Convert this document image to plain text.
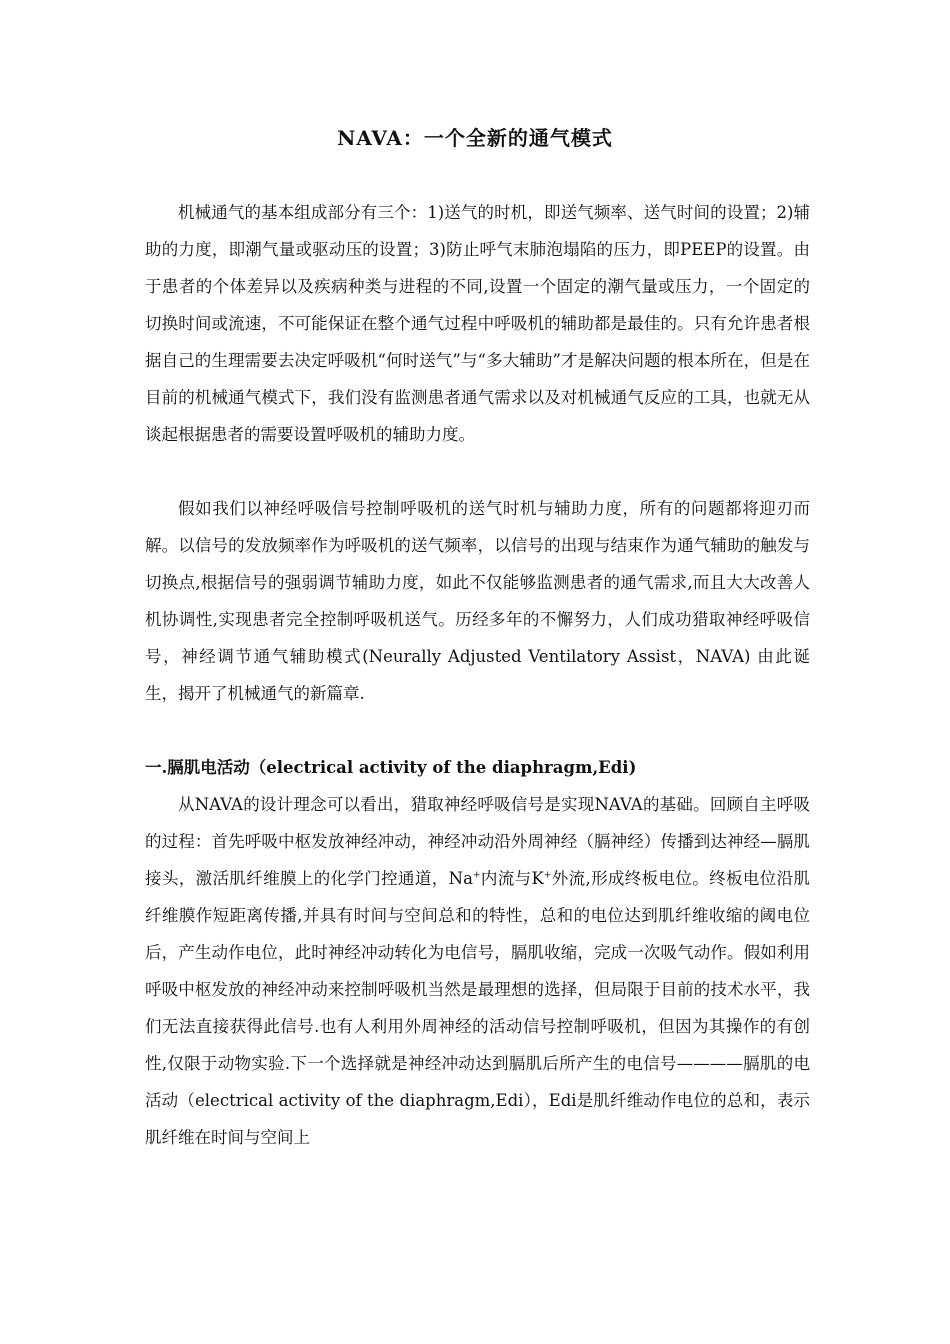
NAVA：一个全新的通气模式

机械通气的基本组成部分有三个：1)送气的时机，即送气频率、送气时间的设置；2)辅助的力度，即潮气量或驱动压的设置；3)防止呼气末肺泡塌陷的压力，即PEEP的设置。由于患者的个体差异以及疾病种类与进程的不同,设置一个固定的潮气量或压力，一个固定的切换时间或流速，不可能保证在整个通气过程中呼吸机的辅助都是最佳的。只有允许患者根据自己的生理需要去决定呼吸机“何时送气”与“多大辅助”才是解决问题的根本所在，但是在目前的机械通气模式下，我们没有监测患者通气需求以及对机械通气反应的工具，也就无从谈起根据患者的需要设置呼吸机的辅助力度。

假如我们以神经呼吸信号控制呼吸机的送气时机与辅助力度，所有的问题都将迎刃而解。以信号的发放频率作为呼吸机的送气频率，以信号的出现与结束作为通气辅助的触发与切换点,根据信号的强弱调节辅助力度，如此不仅能够监测患者的通气需求,而且大大改善人机协调性,实现患者完全控制呼吸机送气。历经多年的不懈努力，人们成功猎取神经呼吸信号，神经调节通气辅助模式(Neurally Adjusted Ventilatory Assist，NAVA) 由此诞生，揭开了机械通气的新篇章.

一.膈肌电活动（electrical activity of the diaphragm,Edi)

从NAVA的设计理念可以看出，猎取神经呼吸信号是实现NAVA的基础。回顾自主呼吸的过程：首先呼吸中枢发放神经冲动，神经冲动沿外周神经（膈神经）传播到达神经—膈肌接头，激活肌纤维膜上的化学门控通道，Na+内流与K+外流,形成终板电位。终板电位沿肌纤维膜作短距离传播,并具有时间与空间总和的特性，总和的电位达到肌纤维收缩的阈电位后，产生动作电位，此时神经冲动转化为电信号，膈肌收缩，完成一次吸气动作。假如利用呼吸中枢发放的神经冲动来控制呼吸机当然是最理想的选择，但局限于目前的技术水平，我们无法直接获得此信号.也有人利用外周神经的活动信号控制呼吸机，但因为其操作的有创性,仅限于动物实验.下一个选择就是神经冲动达到膈肌后所产生的电信号————膈肌的电活动（electrical activity of the diaphragm,Edi），Edi是肌纤维动作电位的总和，表示肌纤维在时间与空间上
